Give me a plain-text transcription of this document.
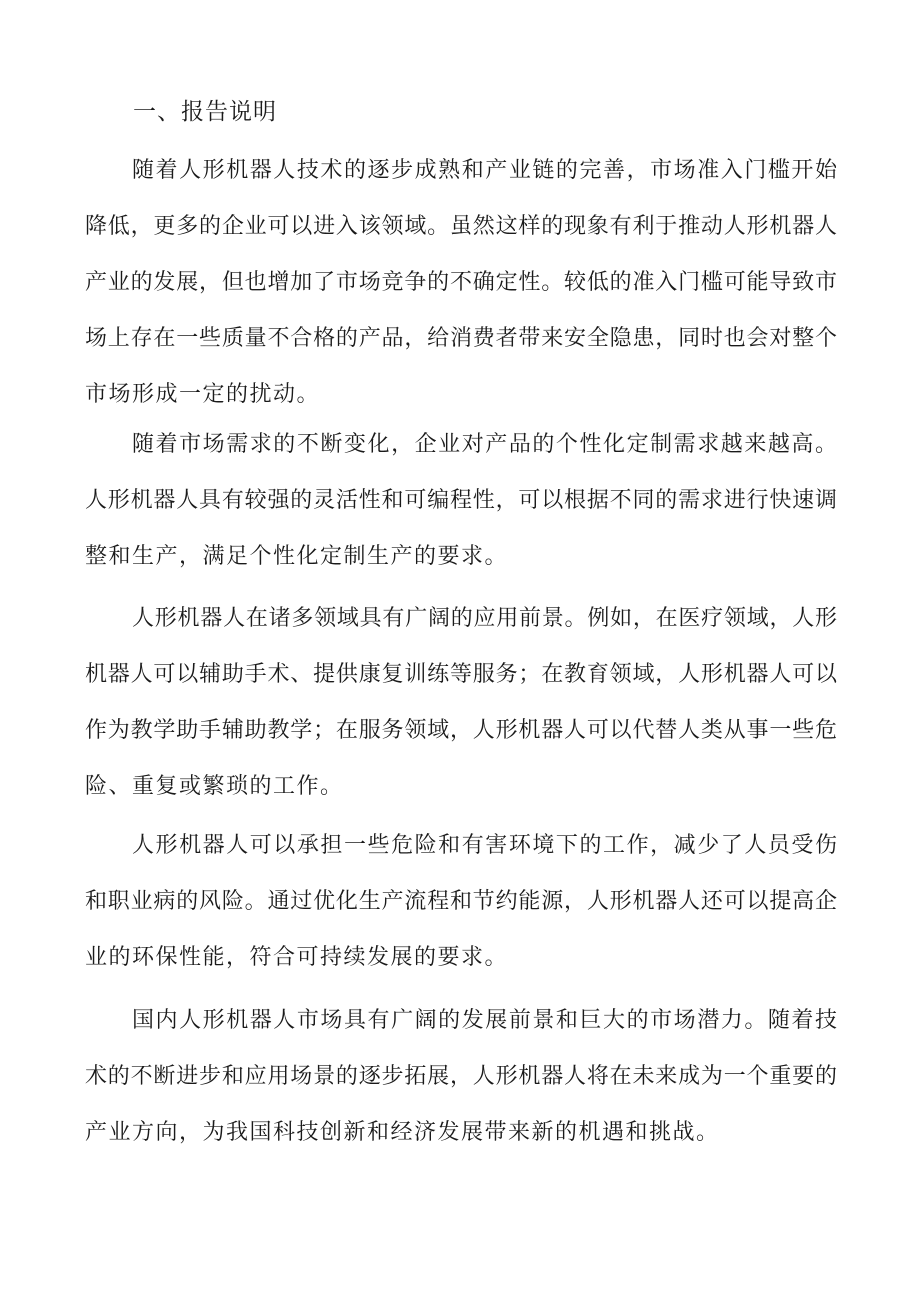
一、报告说明
随着人形机器人技术的逐步成熟和产业链的完善，市场准入门槛开始
降低，更多的企业可以进入该领域。虽然这样的现象有利于推动人形机器人
产业的发展，但也增加了市场竞争的不确定性。较低的准入门槛可能导致市
场上存在一些质量不合格的产品，给消费者带来安全隐患，同时也会对整个
市场形成一定的扰动。
随着市场需求的不断变化，企业对产品的个性化定制需求越来越高。
人形机器人具有较强的灵活性和可编程性，可以根据不同的需求进行快速调
整和生产，满足个性化定制生产的要求。
人形机器人在诸多领域具有广阔的应用前景。例如，在医疗领域，人形
机器人可以辅助手术、提供康复训练等服务；在教育领域，人形机器人可以
作为教学助手辅助教学；在服务领域，人形机器人可以代替人类从事一些危
险、重复或繁琐的工作。
人形机器人可以承担一些危险和有害环境下的工作，减少了人员受伤
和职业病的风险。通过优化生产流程和节约能源，人形机器人还可以提高企
业的环保性能，符合可持续发展的要求。
国内人形机器人市场具有广阔的发展前景和巨大的市场潜力。随着技
术的不断进步和应用场景的逐步拓展，人形机器人将在未来成为一个重要的
产业方向，为我国科技创新和经济发展带来新的机遇和挑战。
